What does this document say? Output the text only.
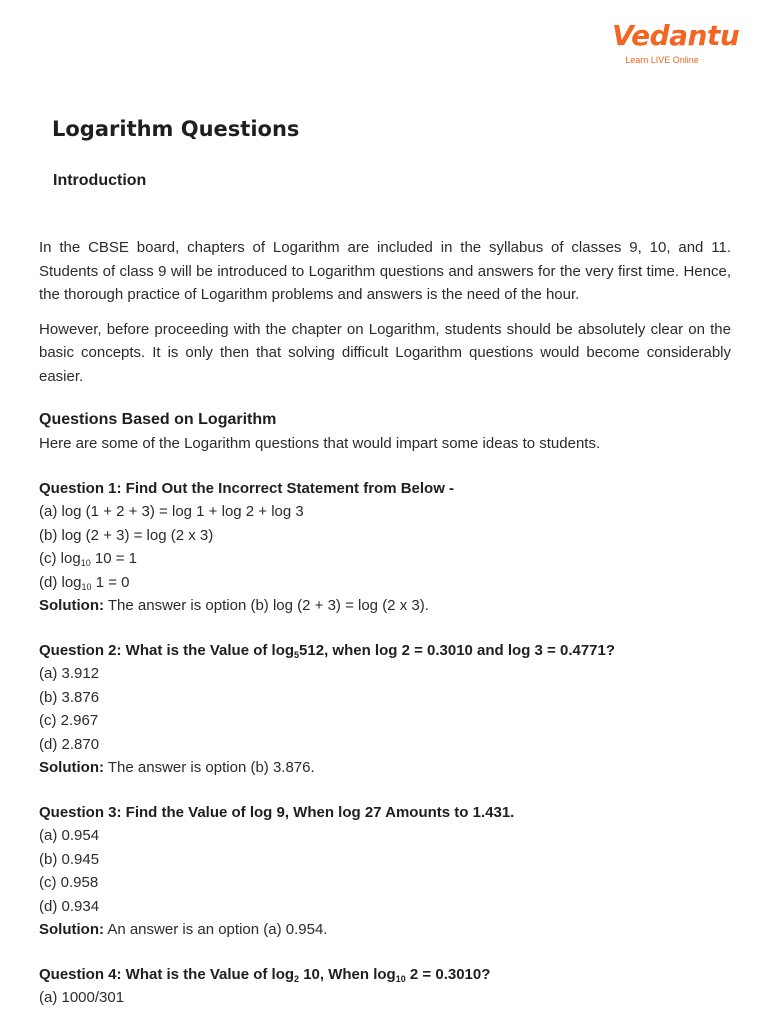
Vedantu
Learn LIVE Online
Logarithm Questions
Introduction

In the CBSE board, chapters of Logarithm are included in the syllabus of classes 9, 10, and 11. Students of class 9 will be introduced to Logarithm questions and answers for the very first time. Hence, the thorough practice of Logarithm problems and answers is the need of the hour.

However, before proceeding with the chapter on Logarithm, students should be absolutely clear on the basic concepts. It is only then that solving difficult Logarithm questions would become considerably easier.

Questions Based on Logarithm
Here are some of the Logarithm questions that would impart some ideas to students.
Question 1: Find Out the Incorrect Statement from Below -
(a) log (1 + 2 + 3) = log 1 + log 2 + log 3
(b) log (2 + 3) = log (2 x 3)
(c) $\log_{10} 10 = 1$
(d) $\log_{10} 1 = 0$
Solution: The answer is option (b) log (2 + 3) = log (2 x 3).
Question 2: What is the Value of $\log_5512$, when log 2 = 0.3010 and log 3 = 0.4771?
(a) 3.912
(b) 3.876
(c) 2.967
(d) 2.870
Solution: The answer is option (b) 3.876.
Question 3: Find the Value of log 9, When log 27 Amounts to 1.431.
(a) 0.954
(b) 0.945
(c) 0.958
(d) 0.934
Solution: An answer is an option (a) 0.954.
Question 4: What is the Value of $\log_2 10$, When $\log_{10} 2 = 0.3010$?
(a) 1000/301
